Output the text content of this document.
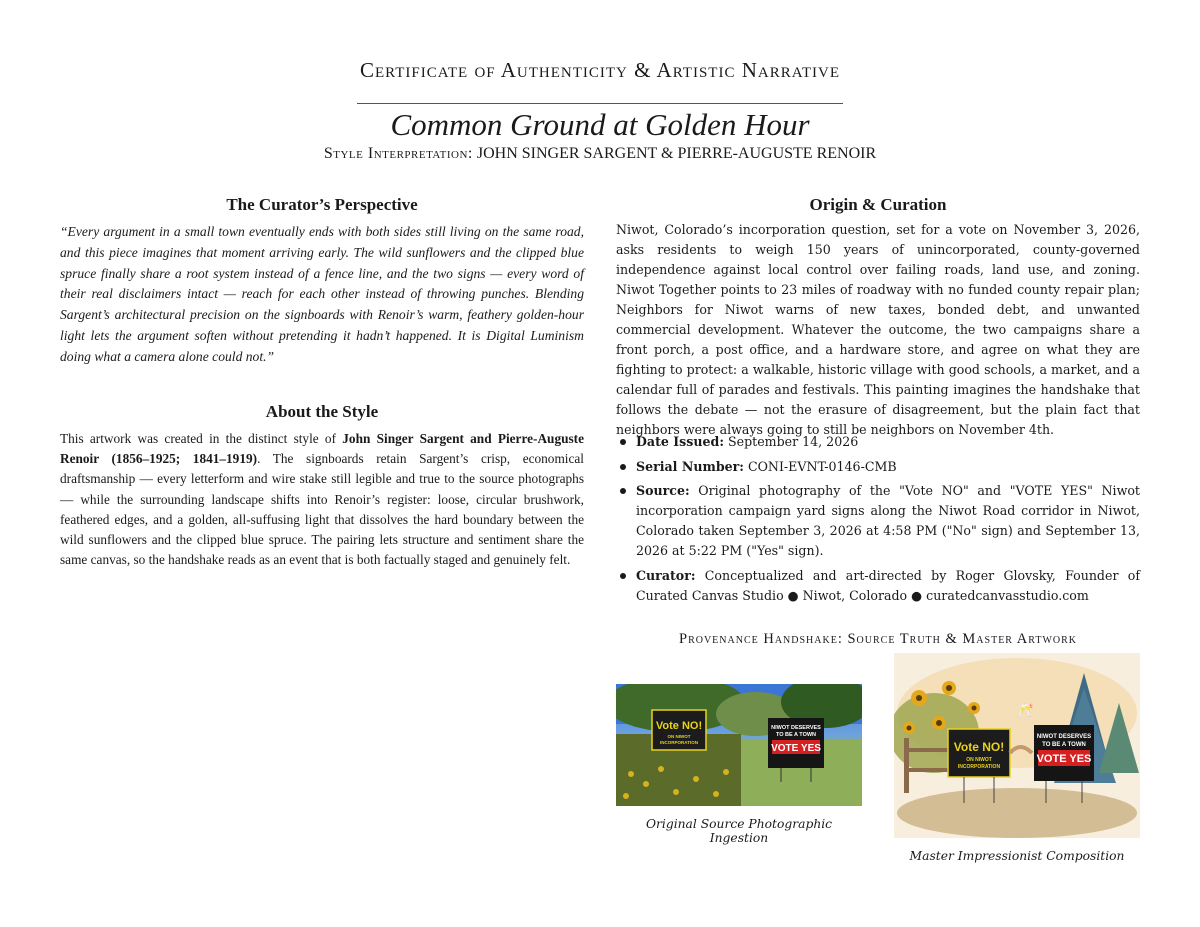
Certificate of Authenticity & Artistic Narrative
Common Ground at Golden Hour
Style Interpretation: JOHN SINGER SARGENT & PIERRE-AUGUSTE RENOIR
The Curator’s Perspective
“Every argument in a small town eventually ends with both sides still living on the same road, and this piece imagines that moment arriving early. The wild sunflowers and the clipped blue spruce finally share a root system instead of a fence line, and the two signs — every word of their real disclaimers intact — reach for each other instead of throwing punches. Blending Sargent’s architectural precision on the signboards with Renoir’s warm, feathery golden-hour light lets the argument soften without pretending it hadn’t happened. It is Digital Luminism doing what a camera alone could not.”
About the Style
This artwork was created in the distinct style of John Singer Sargent and Pierre-Auguste Renoir (1856–1925; 1841–1919). The signboards retain Sargent’s crisp, economical draftsmanship — every letterform and wire stake still legible and true to the source photographs — while the surrounding landscape shifts into Renoir’s register: loose, circular brushwork, feathered edges, and a golden, all-suffusing light that dissolves the hard boundary between the wild sunflowers and the clipped blue spruce. The pairing lets structure and sentiment share the same canvas, so the handshake reads as an event that is both factually staged and genuinely felt.
Origin & Curation
Niwot, Colorado’s incorporation question, set for a vote on November 3, 2026, asks residents to weigh 150 years of unincorporated, county-governed independence against local control over failing roads, land use, and zoning. Niwot Together points to 23 miles of roadway with no funded county repair plan; Neighbors for Niwot warns of new taxes, bonded debt, and unwanted commercial development. Whatever the outcome, the two campaigns share a front porch, a post office, and a hardware store, and agree on what they are fighting to protect: a walkable, historic village with good schools, a market, and a calendar full of parades and festivals. This painting imagines the handshake that follows the debate — not the erasure of disagreement, but the plain fact that neighbors were always going to still be neighbors on November 4th.
Date Issued: September 14, 2026
Serial Number: CONI-EVNT-0146-CMB
Source: Original photography of the "Vote NO" and "VOTE YES" Niwot incorporation campaign yard signs along the Niwot Road corridor in Niwot, Colorado taken September 3, 2026 at 4:58 PM ("No" sign) and September 13, 2026 at 5:22 PM ("Yes" sign).
Curator: Conceptualized and art-directed by Roger Glovsky, Founder of Curated Canvas Studio ● Niwot, Colorado ● curatedcanvasstudio.com
Provenance Handshake: Source Truth & Master Artwork
Vote NO!
ON NIWOT
INCORPORATION
NIWOT DESERVES
TO BE A TOWN
VOTE YES
Original Source Photographic Ingestion
Vote NO!
ON NIWOT
INCORPORATION
🥂
NIWOT DESERVES
TO BE A TOWN
VOTE YES
Master Impressionist Composition
